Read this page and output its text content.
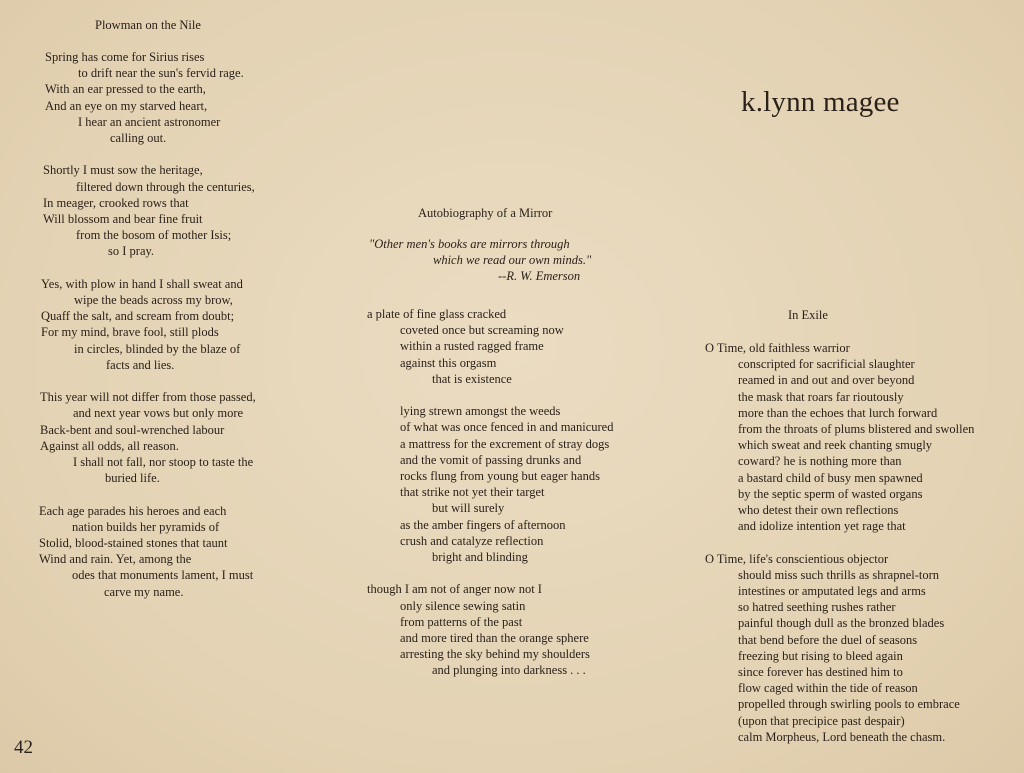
Plowman on the Nile
Spring has come for Sirius rises
to drift near the sun's fervid rage.
With an ear pressed to the earth,
And an eye on my starved heart,
I hear an ancient astronomer
calling out.
Shortly I must sow the heritage,
filtered down through the centuries,
In meager, crooked rows that
Will blossom and bear fine fruit
from the bosom of mother Isis;
so I pray.
Yes, with plow in hand I shall sweat and
wipe the beads across my brow,
Quaff the salt, and scream from doubt;
For my mind, brave fool, still plods
in circles, blinded by the blaze of
facts and lies.
This year will not differ from those passed,
and next year vows but only more
Back-bent and soul-wrenched labour
Against all odds, all reason.
I shall not fall, nor stoop to taste the
buried life.
Each age parades his heroes and each
nation builds her pyramids of
Stolid, blood-stained stones that taunt
Wind and rain. Yet, among the
odes that monuments lament, I must
carve my name.
Autobiography of a Mirror
"Other men's books are mirrors through
which we read our own minds."
--R. W. Emerson
a plate of fine glass cracked
coveted once but screaming now
within a rusted ragged frame
against this orgasm
that is existence
lying strewn amongst the weeds
of what was once fenced in and manicured
a mattress for the excrement of stray dogs
and the vomit of passing drunks and
rocks flung from young but eager hands
that strike not yet their target
but will surely
as the amber fingers of afternoon
crush and catalyze reflection
bright and blinding
though I am not of anger now not I
only silence sewing satin
from patterns of the past
and more tired than the orange sphere
arresting the sky behind my shoulders
and plunging into darkness . . .
k.lynn magee
In Exile
O Time, old faithless warrior
conscripted for sacrificial slaughter
reamed in and out and over beyond
the mask that roars far rioutously
more than the echoes that lurch forward
from the throats of plums blistered and swollen
which sweat and reek chanting smugly
coward? he is nothing more than
a bastard child of busy men spawned
by the septic sperm of wasted organs
who detest their own reflections
and idolize intention yet rage that
O Time, life's conscientious objector
should miss such thrills as shrapnel-torn
intestines or amputated legs and arms
so hatred seething rushes rather
painful though dull as the bronzed blades
that bend before the duel of seasons
freezing but rising to bleed again
since forever has destined him to
flow caged within the tide of reason
propelled through swirling pools to embrace
(upon that precipice past despair)
calm Morpheus, Lord beneath the chasm.
42
